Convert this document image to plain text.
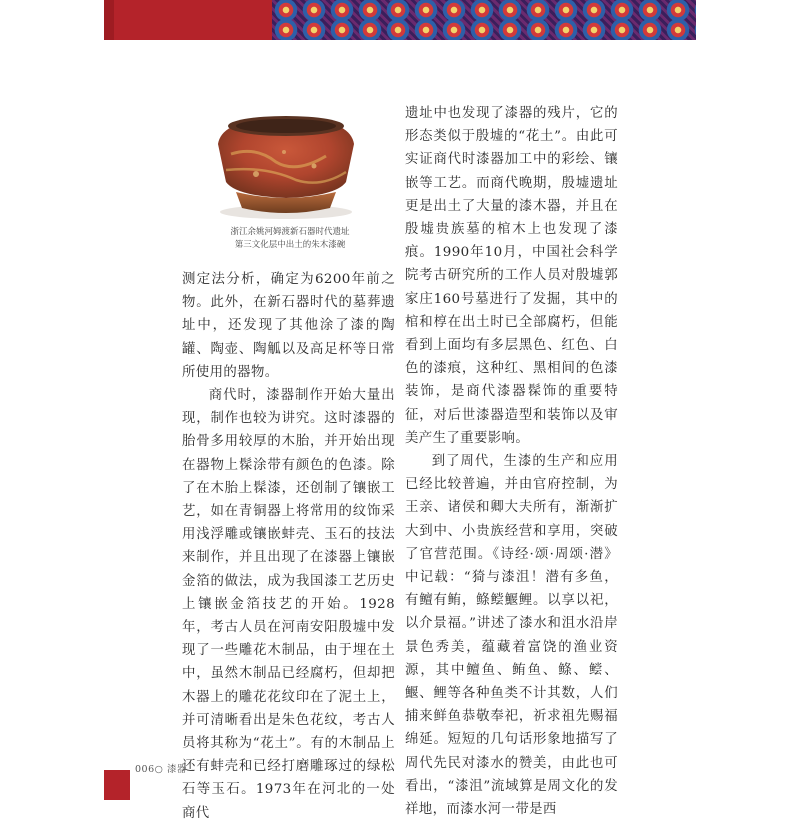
浙江余姚河姆渡新石器时代遗址
第三文化层中出土的朱木漆碗

测定法分析，确定为6200年前之物。此外，在新石器时代的墓葬遗址中，还发现了其他涂了漆的陶罐、陶壶、陶觚以及高足杯等日常所使用的器物。

商代时，漆器制作开始大量出现，制作也较为讲究。这时漆器的胎骨多用较厚的木胎，并开始出现在器物上髹涂带有颜色的色漆。除了在木胎上髹漆，还创制了镶嵌工艺，如在青铜器上将常用的纹饰采用浅浮雕或镶嵌蚌壳、玉石的技法来制作，并且出现了在漆器上镶嵌金箔的做法，成为我国漆工艺历史上镶嵌金箔技艺的开始。1928年，考古人员在河南安阳殷墟中发现了一些雕花木制品，由于埋在土中，虽然木制品已经腐朽，但却把木器上的雕花花纹印在了泥土上，并可清晰看出是朱色花纹，考古人员将其称为“花土”。有的木制品上还有蚌壳和已经打磨雕琢过的绿松石等玉石。1973年在河北的一处商代

遗址中也发现了漆器的残片，它的形态类似于殷墟的“花土”。由此可实证商代时漆器加工中的彩绘、镶嵌等工艺。而商代晚期，殷墟遗址更是出土了大量的漆木器，并且在殷墟贵族墓的棺木上也发现了漆痕。1990年10月，中国社会科学院考古研究所的工作人员对殷墟郭家庄160号墓进行了发掘，其中的棺和椁在出土时已全部腐朽，但能看到上面均有多层黑色、红色、白色的漆痕，这种红、黑相间的色漆装饰，是商代漆器髹饰的重要特征，对后世漆器造型和装饰以及审美产生了重要影响。

到了周代，生漆的生产和应用已经比较普遍，并由官府控制，为王亲、诸侯和卿大夫所有，渐渐扩大到中、小贵族经营和享用，突破了官营范围。《诗经·颂·周颂·潜》中记载：“猗与漆沮！潜有多鱼，有鳣有鲔，鲦鲿鰋鲤。以享以祀，以介景福。”讲述了漆水和沮水沿岸景色秀美，蕴藏着富饶的渔业资源，其中鳣鱼、鲔鱼、鲦、鲿、鰋、鲤等各种鱼类不计其数，人们捕来鲜鱼恭敬奉祀，祈求祖先赐福绵延。短短的几句话形象地描写了周代先民对漆水的赞美，由此也可看出，“漆沮”流域算是周文化的发祥地，而漆水河一带是西

006○ 漆器
